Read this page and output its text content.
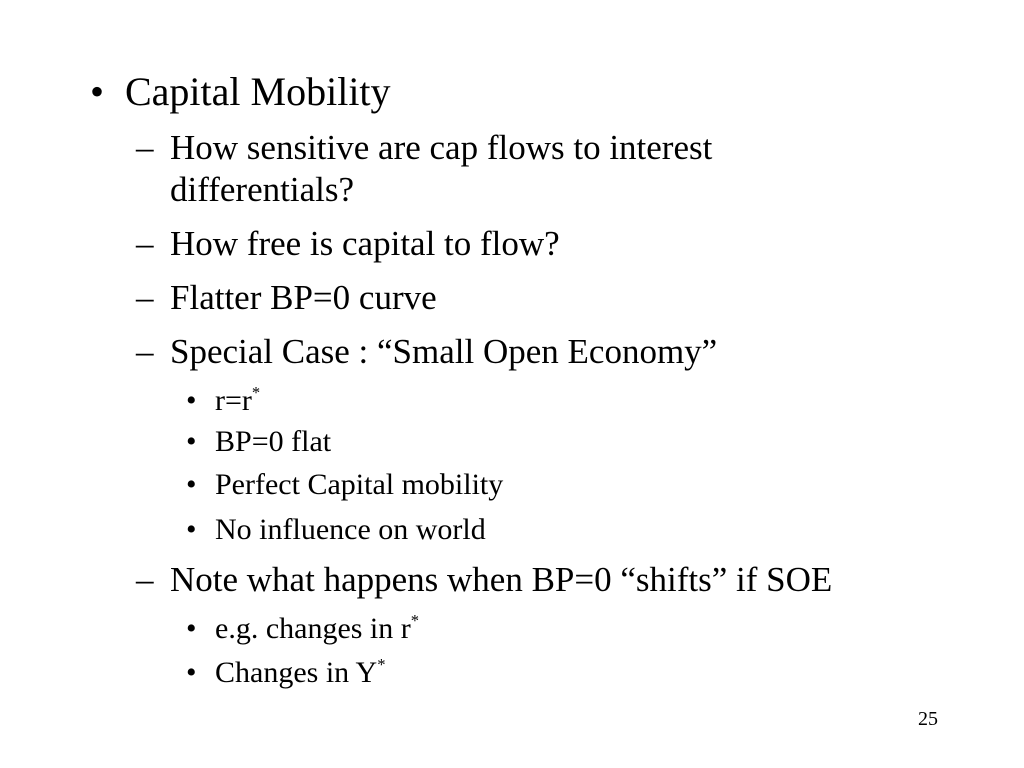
• Capital Mobility
– How sensitive are cap flows to interest
differentials?
– How free is capital to flow?
– Flatter BP=0 curve
– Special Case : “Small Open Economy”
• r=r*
• BP=0 flat
• Perfect Capital mobility
• No influence on world
– Note what happens when BP=0 “shifts” if SOE
• e.g. changes in r*
• Changes in Y*
25
